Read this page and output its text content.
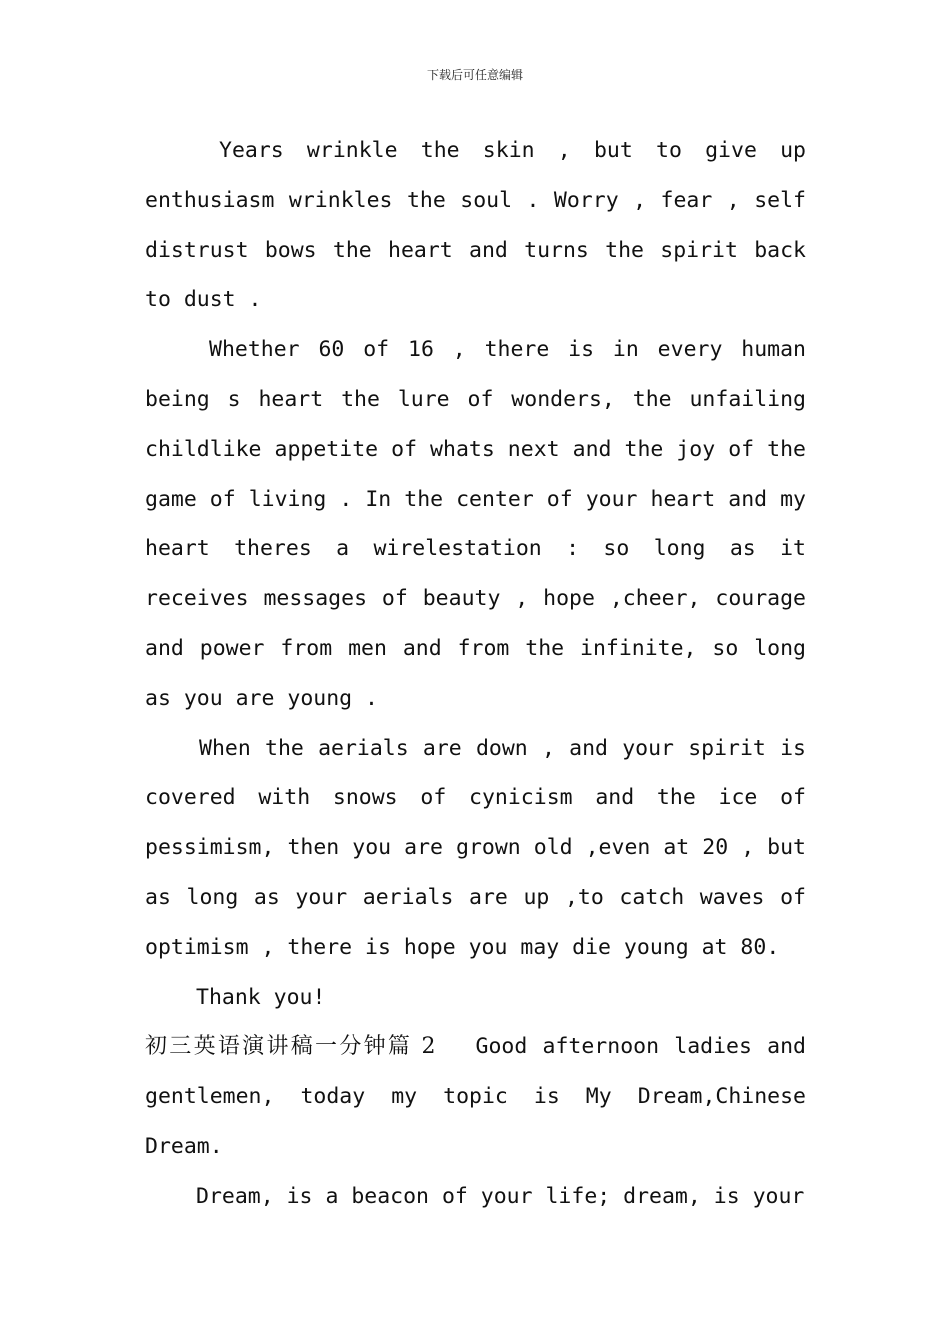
下载后可任意编辑

Years wrinkle the skin , but to give up enthusiasm wrinkles the soul . Worry , fear , self distrust bows the heart and turns the spirit back to dust .

Whether 60 of 16 , there is in every human being s heart the lure of wonders, the unfailing childlike appetite of whats next and the joy of the game of living . In the center of your heart and my heart theres a wirelestation : so long as it receives messages of beauty , hope ,cheer, courage and power from men and from the infinite, so long as you are young .

When the aerials are down , and your spirit is covered with snows of cynicism and the ice of pessimism, then you are grown old ,even at 20 , but as long as your aerials are up ,to catch waves of optimism , there is hope you may die young at 80.

Thank you!

初三英语演讲稿一分钟篇 2 Good afternoon ladies and gentlemen, today my topic is My Dream,Chinese Dream.

Dream, is a beacon of your life; dream, is your
